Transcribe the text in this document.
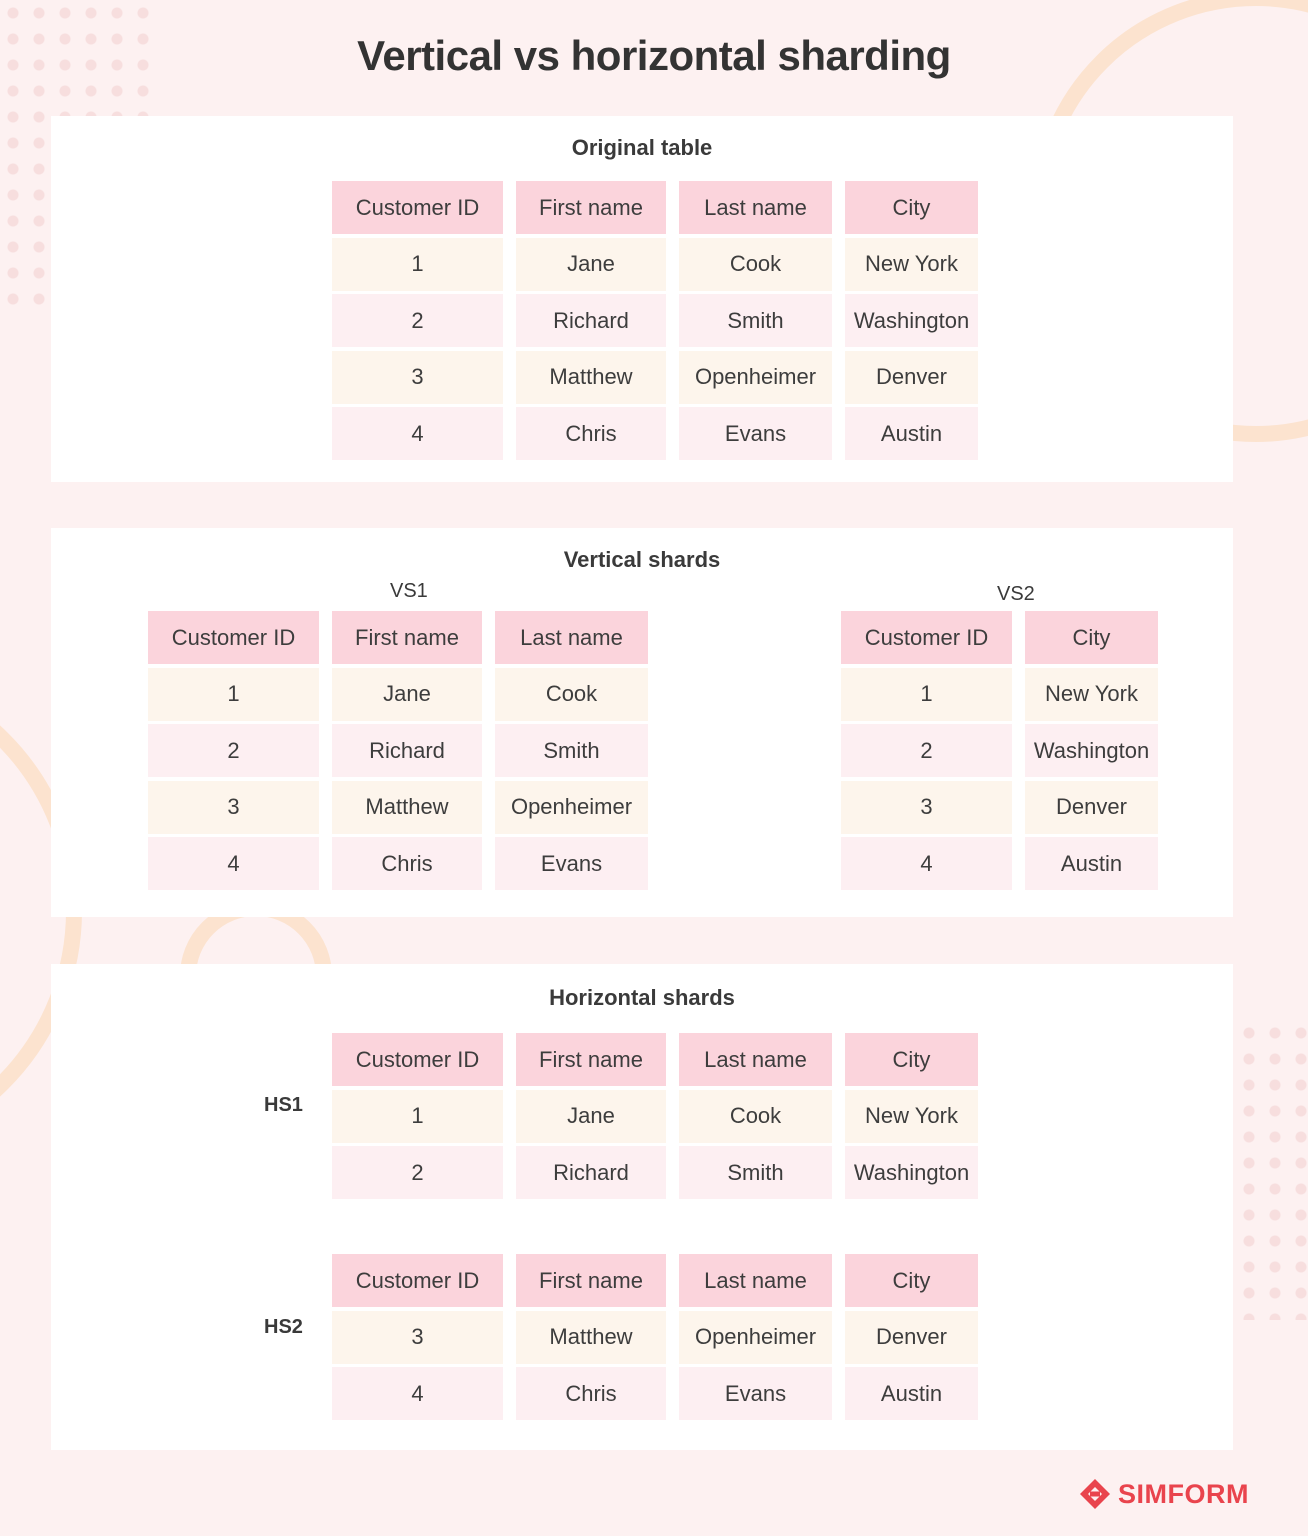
Vertical vs horizontal sharding
Original table
Customer ID	First name	Last name	City
1	Jane	Cook	New York
2	Richard	Smith	Washington
3	Matthew	Openheimer	Denver
4	Chris	Evans	Austin
Vertical shards
VS1	VS2
Customer ID	First name	Last name
1	Jane	Cook
2	Richard	Smith
3	Matthew	Openheimer
4	Chris	Evans
Customer ID	City
1	New York
2	Washington
3	Denver
4	Austin
Horizontal shards
HS1
HS2
Customer ID	First name	Last name	City
1	Jane	Cook	New York
2	Richard	Smith	Washington
Customer ID	First name	Last name	City
3	Matthew	Openheimer	Denver
4	Chris	Evans	Austin
SIMFORM
